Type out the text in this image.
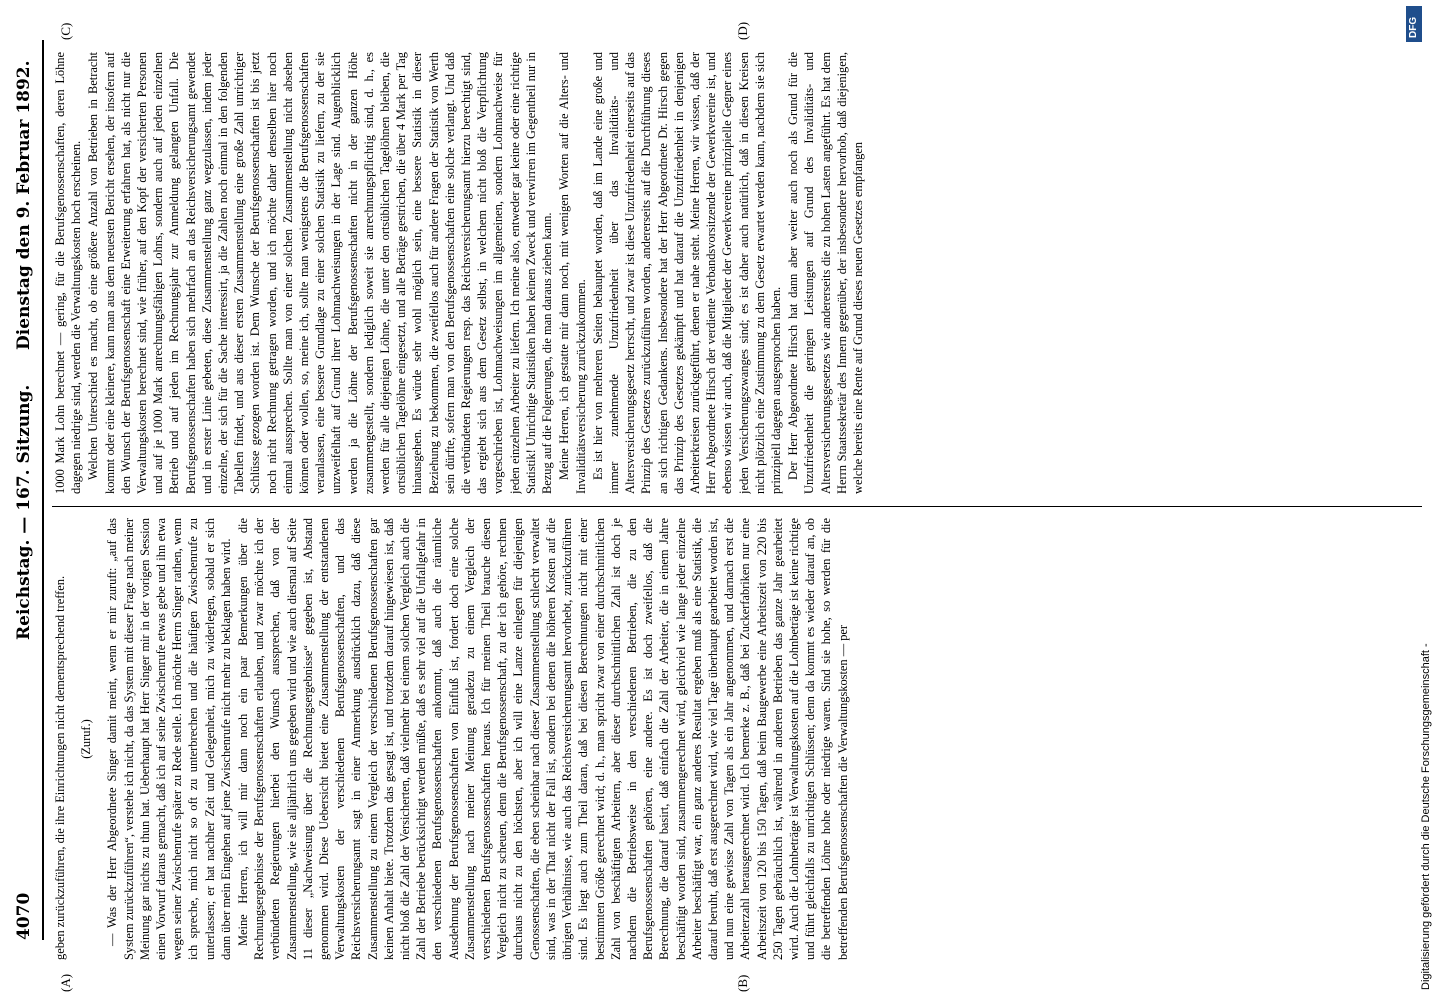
4070
Reichstag. — 167. Sitzung.
Dienstag den 9. Februar 1892.
(A)	(B)
(C)	(D)

geben zurückzuführen, die ihre Einrichtungen nicht dementsprechend treffen. (Zuruf.) — Was der Herr Abgeordnete Singer damit meint, wenn er mir zuruft: „auf das System zurückzuführen“, verstehe ich nicht, da das System mit dieser Frage nach meiner Meinung gar nichts zu thun hat. Ueberhaupt hat Herr Singer mir in der vorigen Session einen Vorwurf daraus gemacht, daß ich auf seine Zwischenrufe etwas gebe und ihn etwa wegen seiner Zwischenrufe später zu Rede stelle. Ich möchte Herrn Singer rathen, wenn ich spreche, mich nicht so oft zu unterbrechen und die häufigen Zwischenrufe zu unterlassen; er hat nachher Zeit und Gelegenheit, mich zu widerlegen, sobald er sich dann über mein Eingehen auf jene Zwischenrufe nicht mehr zu beklagen haben wird. Meine Herren, ich will mir dann noch ein paar Bemerkungen über die Rechnungsergebnisse der Berufsgenossenschaften erlauben, und zwar möchte ich der verbündeten Regierungen hierbei den Wunsch aussprechen, daß von der Zusammenstellung, wie sie alljährlich uns gegeben wird und wie auch diesmal auf Seite 11 dieser „Nachweisung über die Rechnungsergebnisse“ gegeben ist, Abstand genommen wird. Diese Uebersicht bietet eine Zusammenstellung der entstandenen Verwaltungskosten der verschiedenen Berufsgenossenschaften, und das Reichsversicherungsamt sagt in einer Anmerkung ausdrücklich dazu, daß diese Zusammenstellung zu einem Vergleich der verschiedenen Berufsgenossenschaften gar keinen Anhalt biete. Trotzdem das gesagt ist, und trotzdem darauf hingewiesen ist, daß nicht bloß die Zahl der Versicherten, daß vielmehr bei einem solchen Vergleich auch die Zahl der Betriebe berücksichtigt werden müßte, daß es sehr viel auf die Unfallgefahr in den verschiedenen Berufsgenossenschaften ankommt, daß auch die räumliche Ausdehnung der Berufsgenossenschaften von Einfluß ist, fordert doch eine solche Zusammenstellung nach meiner Meinung geradezu zu einem Vergleich der verschiedenen Berufsgenossenschaften heraus. Ich für meinen Theil brauche diesen Vergleich nicht zu scheuen, denn die Berufsgenossenschaft, zu der ich gehöre, rechnen durchaus nicht zu den höchsten, aber ich will eine Lanze einlegen für diejenigen Genossenschaften, die eben scheinbar nach dieser Zusammenstellung schlecht verwaltet sind, was in der That nicht der Fall ist, sondern bei denen die höheren Kosten auf die übrigen Verhältnisse, wie auch das Reichsversicherungsamt hervorhebt, zurückzuführen sind. Es liegt auch zum Theil daran, daß bei diesen Berechnungen nicht mit einer bestimmten Größe gerechnet wird; d. h., man spricht zwar von einer durchschnittlichen Zahl von beschäftigten Arbeitern, aber dieser durchschnittlichen Zahl ist doch je nachdem die Betriebsweise in den verschiedenen Betrieben, die zu den Berufsgenossenschaften gehören, eine andere. Es ist doch zweifellos, daß die Berechnung, die darauf basirt, daß einfach die Zahl der Arbeiter, die in einem Jahre beschäftigt worden sind, zusammengerechnet wird, gleichviel wie lange jeder einzelne Arbeiter beschäftigt war, ein ganz anderes Resultat ergeben muß als eine Statistik, die darauf beruht, daß erst ausgerechnet wird, wie viel Tage überhaupt gearbeitet worden ist, und nun eine gewisse Zahl von Tagen als ein Jahr angenommen, und darnach erst die Arbeiterzahl herausgerechnet wird. Ich bemerke z. B., daß bei Zuckerfabriken nur eine Arbeitszeit von 120 bis 150 Tagen, daß beim Baugewerbe eine Arbeitszeit von 220 bis 250 Tagen gebräuchlich ist, während in anderen Betrieben das ganze Jahr gearbeitet wird. Auch die Lohnbeträge ist Verwaltungskosten auf die Lohnbeträge ist keine richtige und führt gleichfalls zu unrichtigen Schlüssen; denn da kommt es wieder darauf an, ob die betreffenden Löhne hohe oder niedrige waren. Sind sie hohe, so werden für die betreffenden Berufsgenossenschaften die Verwaltungskosten — per

1000 Mark Lohn berechnet — gering, für die Berufsgenossenschaften, deren Löhne dagegen niedrige sind, werden die Verwaltungskosten hoch erscheinen. Welchen Unterschied es macht, ob eine größere Anzahl von Betrieben in Betracht kommt oder eine kleinere, kann man aus dem neuesten Bericht ersehen, der insofern auf den Wunsch der Berufsgenossenschaft eine Erweiterung erfahren hat, als nicht nur die Verwaltungskosten berechnet sind, wie früher, auf den Kopf der versicherten Personen und auf je 1000 Mark anrechnungsfähigen Lohns, sondern auch auf jeden einzelnen Betrieb und auf jeden im Rechnungsjahr zur Anmeldung gelangten Unfall. Die Berufsgenossenschaften haben sich mehrfach an das Reichsversicherungsamt gewendet und in erster Linie gebeten, diese Zusammenstellung ganz wegzulassen, indem jeder einzelne, der sich für die Sache interessirt, ja die Zahlen noch einmal in den folgenden Tabellen findet, und aus dieser ersten Zusammenstellung eine große Zahl unrichtiger Schlüsse gezogen worden ist. Dem Wunsche der Berufsgenossenschaften ist bis jetzt noch nicht Rechnung getragen worden, und ich möchte daher denselben hier noch einmal aussprechen. Sollte man von einer solchen Zusammenstellung nicht absehen können oder wollen, so, meine ich, sollte man wenigstens die Berufsgenossenschaften veranlassen, eine bessere Grundlage zu einer solchen Statistik zu liefern, zu der sie unzweifelhaft auf Grund ihrer Lohnnachweisungen in der Lage sind. Augenblicklich werden ja die Löhne der Berufsgenossenschaften nicht in der ganzen Höhe zusammengestellt, sondern lediglich soweit sie anrechnungspflichtig sind, d. h., es werden für alle diejenigen Löhne, die unter den ortsüblichen Tagelöhnen bleiben, die ortsüblichen Tagelöhne eingesetzt, und alle Beträge gestrichen, die über 4 Mark per Tag hinausgehen. Es würde sehr wohl möglich sein, eine bessere Statistik in dieser Beziehung zu bekommen, die zweifellos auch für andere Fragen der Statistik von Werth sein dürfte, sofern man von den Berufsgenossenschaften eine solche verlangt. Und daß die verbündeten Regierungen resp. das Reichsversicherungsamt hierzu berechtigt sind, das ergiebt sich aus dem Gesetz selbst, in welchem nicht bloß die Verpflichtung vorgeschrieben ist, Lohnnachweisungen im allgemeinen, sondern Lohnnachweise für jeden einzelnen Arbeiter zu liefern. Ich meine also, entweder gar keine oder eine richtige Statistik! Unrichtige Statistiken haben keinen Zweck und verwirren im Gegentheil nur in Bezug auf die Folgerungen, die man daraus ziehen kann. Meine Herren, ich gestatte mir dann noch, mit wenigen Worten auf die Alters- und Invaliditätsversicherung zurückzukommen. Es ist hier von mehreren Seiten behauptet worden, daß im Lande eine große und immer zunehmende Unzufriedenheit über das Invaliditäts- und Altersversicherungsgesetz herrscht, und zwar ist diese Unzufriedenheit einerseits auf das Prinzip des Gesetzes zurückzuführen worden, andererseits auf die Durchführung dieses an sich richtigen Gedankens. Insbesondere hat der Herr Abgeordnete Dr. Hirsch gegen das Prinzip des Gesetzes gekämpft und hat darauf die Unzufriedenheit in denjenigen Arbeiterkreisen zurückgeführt, denen er nahe steht. Meine Herren, wir wissen, daß der Herr Abgeordnete Hirsch der verdiente Verbandsvorsitzende der Gewerkvereine ist, und ebenso wissen wir auch, daß die Mitglieder der Gewerkvereine prinzipielle Gegner eines jeden Versicherungszwanges sind; es ist daher auch natürlich, daß in diesen Kreisen nicht plötzlich eine Zustimmung zu dem Gesetz erwartet werden kann, nachdem sie sich prinzipiell dagegen ausgesprochen haben. Der Herr Abgeordnete Hirsch hat dann aber weiter auch noch als Grund für die Unzufriedenheit die geringen Leistungen auf Grund des Invaliditäts- und Altersversicherungsgesetzes wie andererseits die zu hohen Lasten angeführt. Es hat dem Herrn Staatssekretär des Innern gegenüber, der insbesondere hervorhob, daß diejenigen, welche bereits eine Rente auf Grund dieses neuen Gesetzes empfangen

Digitalisierung gefördert durch die Deutsche Forschungsgemeinschaft -
DFG
